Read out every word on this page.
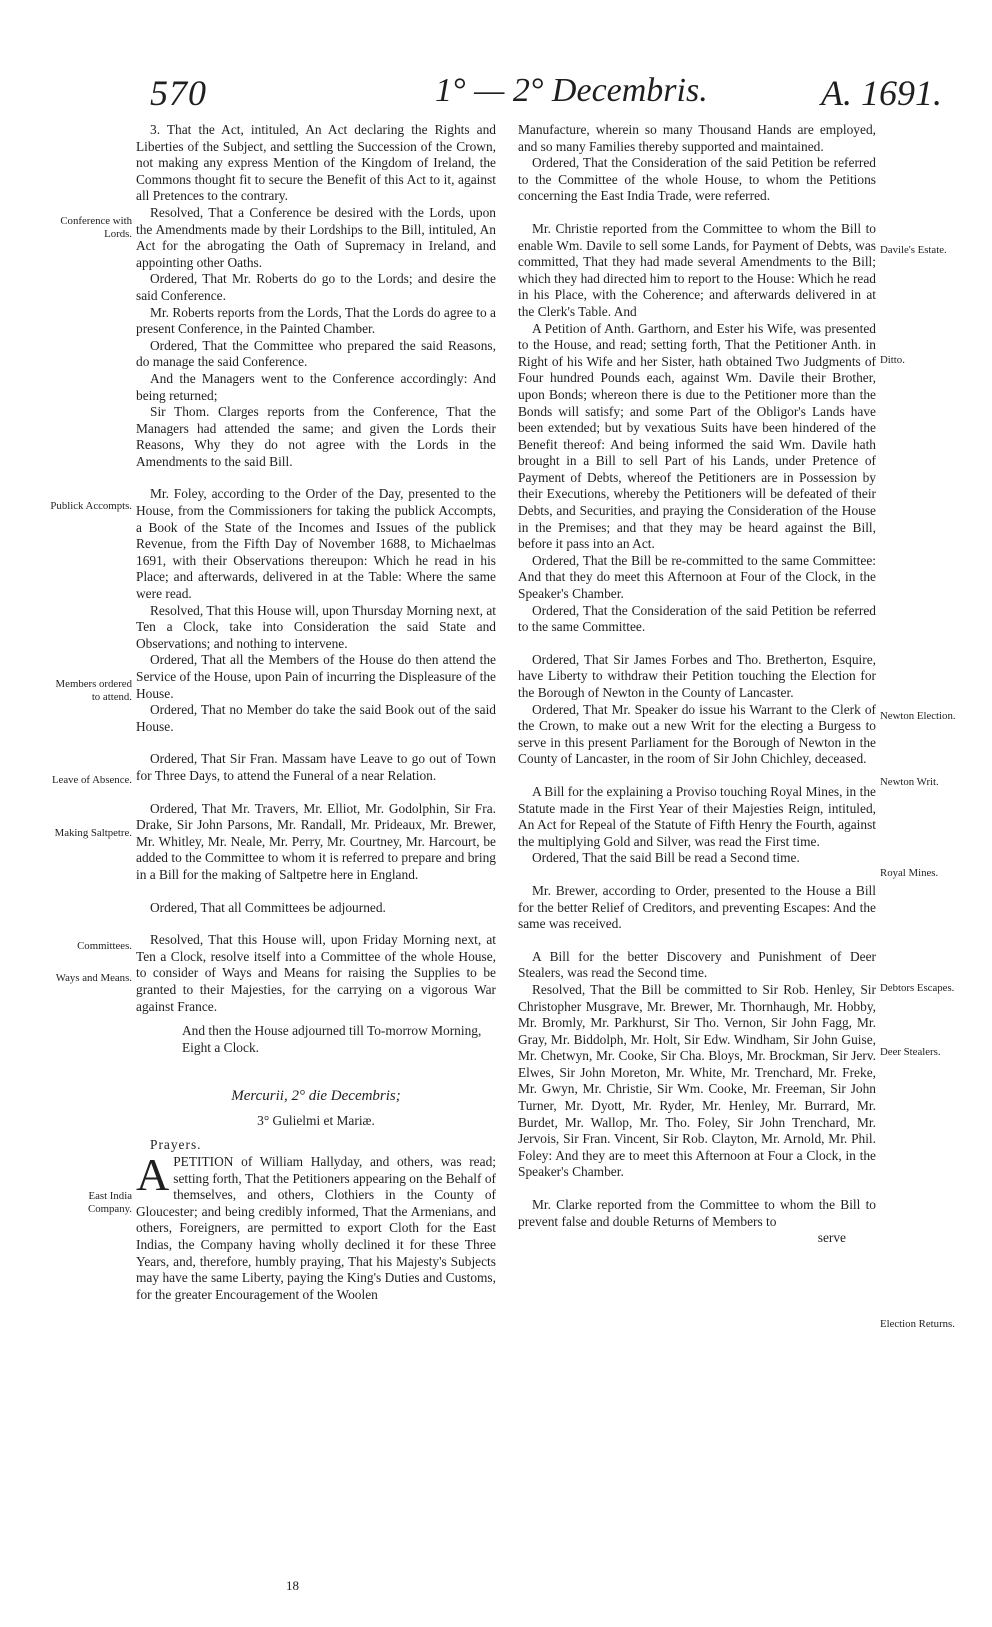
570	1° — 2° Decembris.	A. 1691.

3. That the Act, intituled, An Act declaring the Rights and Liberties of the Subject, and settling the Succession of the Crown, not making any express Mention of the Kingdom of Ireland, the Commons thought fit to secure the Benefit of this Act to it, against all Pretences to the contrary.

Resolved, That a Conference be desired with the Lords, upon the Amendments made by their Lordships to the Bill, intituled, An Act for the abrogating the Oath of Supremacy in Ireland, and appointing other Oaths.

Ordered, That Mr. Roberts do go to the Lords; and desire the said Conference.

Mr. Roberts reports from the Lords, That the Lords do agree to a present Conference, in the Painted Chamber.

Ordered, That the Committee who prepared the said Reasons, do manage the said Conference.

And the Managers went to the Conference accordingly: And being returned;

Sir Thom. Clarges reports from the Conference, That the Managers had attended the same; and given the Lords their Reasons, Why they do not agree with the Lords in the Amendments to the said Bill.

Mr. Foley, according to the Order of the Day, presented to the House, from the Commissioners for taking the publick Accompts, a Book of the State of the Incomes and Issues of the publick Revenue, from the Fifth Day of November 1688, to Michaelmas 1691, with their Observations thereupon: Which he read in his Place; and afterwards, delivered in at the Table: Where the same were read.

Resolved, That this House will, upon Thursday Morning next, at Ten a Clock, take into Consideration the said State and Observations; and nothing to intervene.

Ordered, That all the Members of the House do then attend the Service of the House, upon Pain of incurring the Displeasure of the House.

Ordered, That no Member do take the said Book out of the said House.

Ordered, That Sir Fran. Massam have Leave to go out of Town for Three Days, to attend the Funeral of a near Relation.

Ordered, That Mr. Travers, Mr. Elliot, Mr. Godolphin, Sir Fra. Drake, Sir John Parsons, Mr. Randall, Mr. Prideaux, Mr. Brewer, Mr. Whitley, Mr. Neale, Mr. Perry, Mr. Courtney, Mr. Harcourt, be added to the Committee to whom it is referred to prepare and bring in a Bill for the making of Saltpetre here in England.

Ordered, That all Committees be adjourned.

Resolved, That this House will, upon Friday Morning next, at Ten a Clock, resolve itself into a Committee of the whole House, to consider of Ways and Means for raising the Supplies to be granted to their Majesties, for the carrying on a vigorous War against France.

And then the House adjourned till To-morrow Morning, Eight a Clock.

Mercurii, 2° die Decembris;

3° Gulielmi et Mariæ.

Prayers.

APETITION of William Hallyday, and others, was read; setting forth, That the Petitioners appearing on the Behalf of themselves, and others, Clothiers in the County of Gloucester; and being credibly informed, That the Armenians, and others, Foreigners, are permitted to export Cloth for the East Indias, the Company having wholly declined it for these Three Years, and, therefore, humbly praying, That his Majesty's Subjects may have the same Liberty, paying the King's Duties and Customs, for the greater Encouragement of the Woolen

Manufacture, wherein so many Thousand Hands are employed, and so many Families thereby supported and maintained.

Ordered, That the Consideration of the said Petition be referred to the Committee of the whole House, to whom the Petitions concerning the East India Trade, were referred.

Mr. Christie reported from the Committee to whom the Bill to enable Wm. Davile to sell some Lands, for Payment of Debts, was committed, That they had made several Amendments to the Bill; which they had directed him to report to the House: Which he read in his Place, with the Coherence; and afterwards delivered in at the Clerk's Table. And

A Petition of Anth. Garthorn, and Ester his Wife, was presented to the House, and read; setting forth, That the Petitioner Anth. in Right of his Wife and her Sister, hath obtained Two Judgments of Four hundred Pounds each, against Wm. Davile their Brother, upon Bonds; whereon there is due to the Petitioner more than the Bonds will satisfy; and some Part of the Obligor's Lands have been extended; but by vexatious Suits have been hindered of the Benefit thereof: And being informed the said Wm. Davile hath brought in a Bill to sell Part of his Lands, under Pretence of Payment of Debts, whereof the Petitioners are in Possession by their Executions, whereby the Petitioners will be defeated of their Debts, and Securities, and praying the Consideration of the House in the Premises; and that they may be heard against the Bill, before it pass into an Act.

Ordered, That the Bill be re-committed to the same Committee: And that they do meet this Afternoon at Four of the Clock, in the Speaker's Chamber.

Ordered, That the Consideration of the said Petition be referred to the same Committee.

Ordered, That Sir James Forbes and Tho. Bretherton, Esquire, have Liberty to withdraw their Petition touching the Election for the Borough of Newton in the County of Lancaster.

Ordered, That Mr. Speaker do issue his Warrant to the Clerk of the Crown, to make out a new Writ for the electing a Burgess to serve in this present Parliament for the Borough of Newton in the County of Lancaster, in the room of Sir John Chichley, deceased.

A Bill for the explaining a Proviso touching Royal Mines, in the Statute made in the First Year of their Majesties Reign, intituled, An Act for Repeal of the Statute of Fifth Henry the Fourth, against the multiplying Gold and Silver, was read the First time.

Ordered, That the said Bill be read a Second time.

Mr. Brewer, according to Order, presented to the House a Bill for the better Relief of Creditors, and preventing Escapes: And the same was received.

A Bill for the better Discovery and Punishment of Deer Stealers, was read the Second time.

Resolved, That the Bill be committed to Sir Rob. Henley, Sir Christopher Musgrave, Mr. Brewer, Mr. Thornhaugh, Mr. Hobby, Mr. Bromly, Mr. Parkhurst, Sir Tho. Vernon, Sir John Fagg, Mr. Gray, Mr. Biddolph, Mr. Holt, Sir Edw. Windham, Sir John Guise, Mr. Chetwyn, Mr. Cooke, Sir Cha. Bloys, Mr. Brockman, Sir Jerv. Elwes, Sir John Moreton, Mr. White, Mr. Trenchard, Mr. Freke, Mr. Gwyn, Mr. Christie, Sir Wm. Cooke, Mr. Freeman, Sir John Turner, Mr. Dyott, Mr. Ryder, Mr. Henley, Mr. Burrard, Mr. Burdet, Mr. Wallop, Mr. Tho. Foley, Sir John Trenchard, Mr. Jervois, Sir Fran. Vincent, Sir Rob. Clayton, Mr. Arnold, Mr. Phil. Foley: And they are to meet this Afternoon at Four a Clock, in the Speaker's Chamber.

Mr. Clarke reported from the Committee to whom the Bill to prevent false and double Returns of Members to

serve

Conference with Lords.
Publick Accompts.
Members ordered to attend.
Leave of Absence.
Making Saltpetre.
Committees.
Ways and Means.
East India Company.
Davile's Estate.
Ditto.
Newton Election.
Newton Writ.
Royal Mines.
Debtors Escapes.
Deer Stealers.
Election Returns.
18
